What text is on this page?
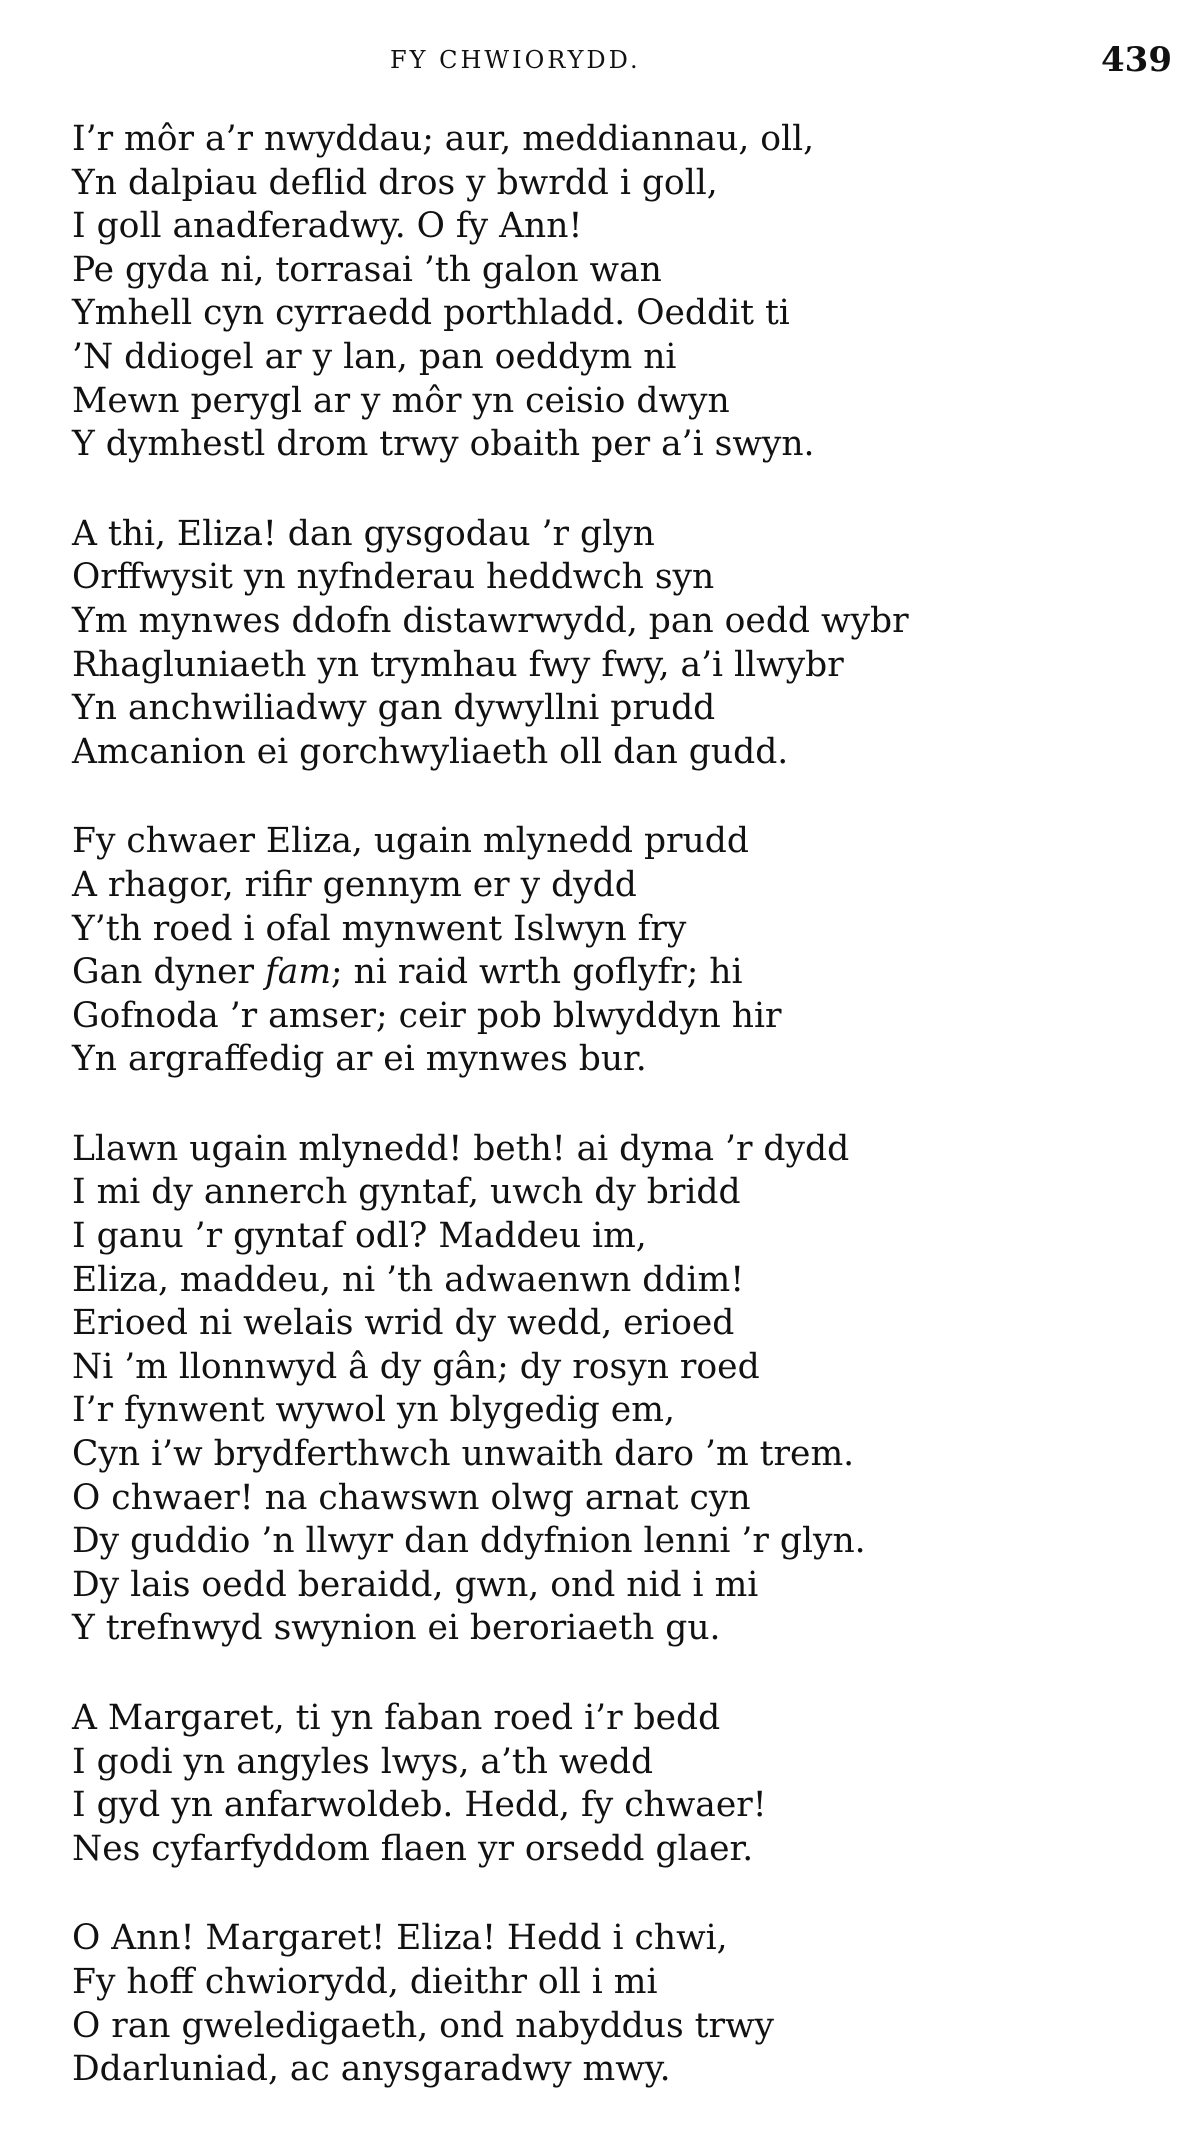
FY CHWIORYDD.	439
I’r môr a’r nwyddau; aur, meddiannau, oll,
Yn dalpiau deflid dros y bwrdd i goll,
I goll anadferadwy. O fy Ann!
Pe gyda ni, torrasai ’th galon wan
Ymhell cyn cyrraedd porthladd. Oeddit ti
’N ddiogel ar y lan, pan oeddym ni
Mewn perygl ar y môr yn ceisio dwyn
Y dymhestl drom trwy obaith per a’i swyn.
A thi, Eliza! dan gysgodau ’r glyn
Orffwysit yn nyfnderau heddwch syn
Ym mynwes ddofn distawrwydd, pan oedd wybr
Rhagluniaeth yn trymhau fwy fwy, a’i llwybr
Yn anchwiliadwy gan dywyllni prudd
Amcanion ei gorchwyliaeth oll dan gudd.
Fy chwaer Eliza, ugain mlynedd prudd
A rhagor, rifir gennym er y dydd
Y’th roed i ofal mynwent Islwyn fry
Gan dyner fam; ni raid wrth goflyfr; hi
Gofnoda ’r amser; ceir pob blwyddyn hir
Yn argraffedig ar ei mynwes bur.
Llawn ugain mlynedd! beth! ai dyma ’r dydd
I mi dy annerch gyntaf, uwch dy bridd
I ganu ’r gyntaf odl? Maddeu im,
Eliza, maddeu, ni ’th adwaenwn ddim!
Erioed ni welais wrid dy wedd, erioed
Ni ’m llonnwyd â dy gân; dy rosyn roed
I’r fynwent wywol yn blygedig em,
Cyn i’w brydferthwch unwaith daro ’m trem.
O chwaer! na chawswn olwg arnat cyn
Dy guddio ’n llwyr dan ddyfnion lenni ’r glyn.
Dy lais oedd beraidd, gwn, ond nid i mi
Y trefnwyd swynion ei beroriaeth gu.
A Margaret, ti yn faban roed i’r bedd
I godi yn angyles lwys, a’th wedd
I gyd yn anfarwoldeb. Hedd, fy chwaer!
Nes cyfarfyddom flaen yr orsedd glaer.
O Ann! Margaret! Eliza! Hedd i chwi,
Fy hoff chwiorydd, dieithr oll i mi
O ran gweledigaeth, ond nabyddus trwy
Ddarluniad, ac anysgaradwy mwy.
